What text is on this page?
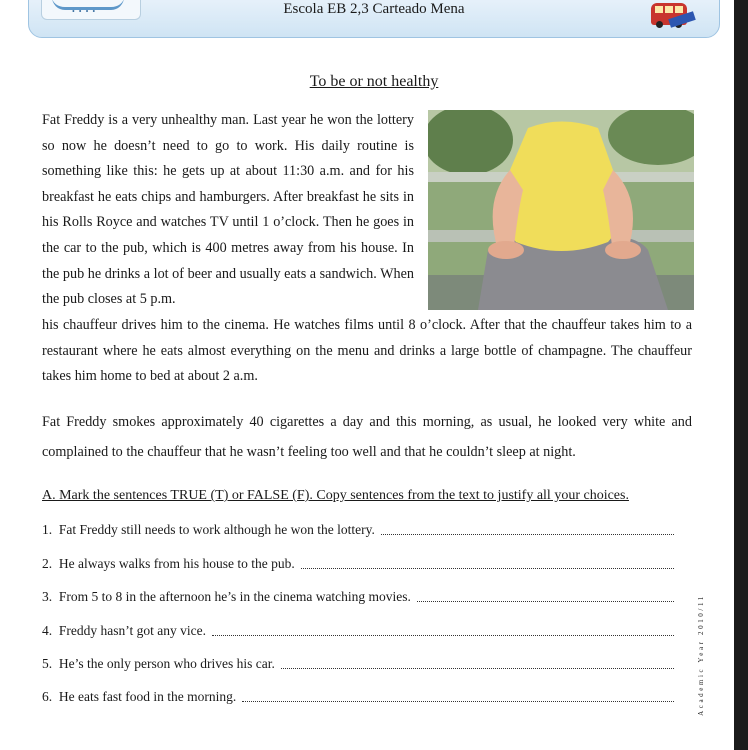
• • • •	Escola EB 2,3 Carteado Mena
To be or not healthy

Fat Freddy is a very unhealthy man. Last year he won the lottery so now he doesn’t need to go to work. His daily routine is something like this: he gets up at about 11:30 a.m. and for his breakfast he eats chips and hamburgers. After breakfast he sits in his Rolls Royce and watches TV until 1 o’clock. Then he goes in the car to the pub, which is 400 metres away from his house. In the pub he drinks a lot of beer and usually eats a sandwich. When the pub closes at 5 p.m.

his chauffeur drives him to the cinema. He watches films until 8 o’clock. After that the chauffeur takes him to a restaurant where he eats almost everything on the menu and drinks a large bottle of champagne. The chauffeur takes him home to bed at about 2 a.m.

Fat Freddy smokes approximately 40 cigarettes a day and this morning, as usual, he looked very white and complained to the chauffeur that he wasn’t feeling too well and that he couldn’t sleep at night.

A. Mark the sentences TRUE (T) or FALSE (F). Copy sentences from the text to justify all your choices.
1.
Fat Freddy still needs to work although he won the lottery.
2.
He always walks from his house to the pub.
3.
From 5 to 8 in the afternoon he’s in the cinema watching movies.
4.
Freddy hasn’t got any vice.
5.
He’s the only person who drives his car.
6.
He eats fast food in the morning.	Academic Year 2010/11
